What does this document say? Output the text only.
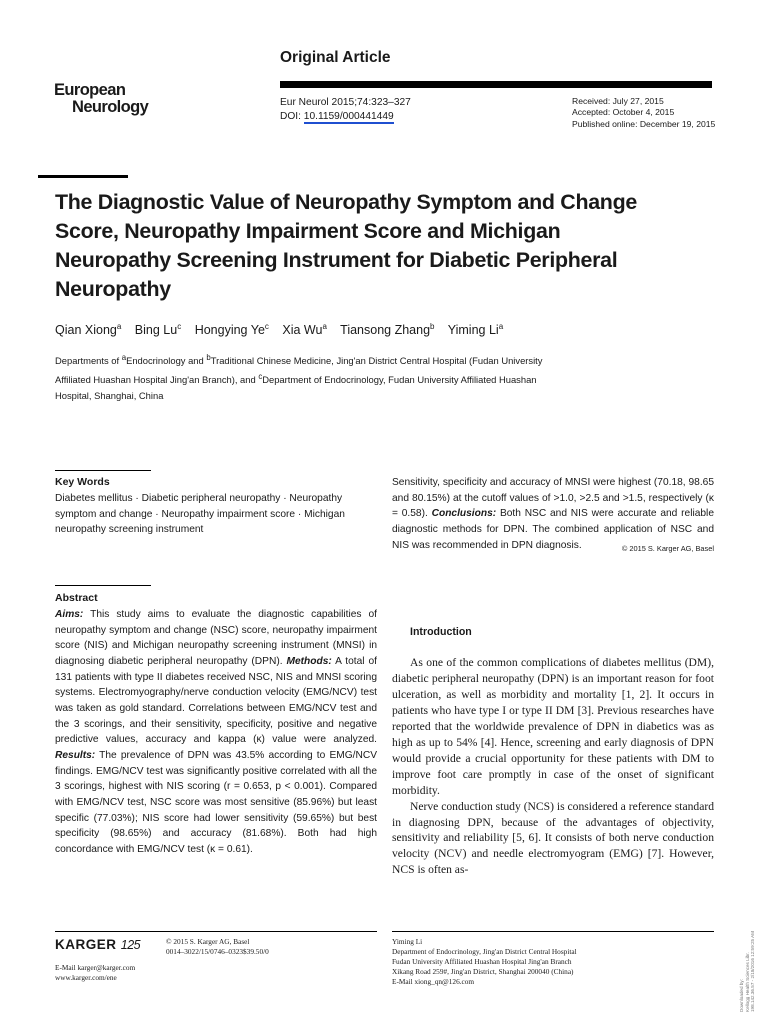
Original Article
European
Neurology	Eur Neurol 2015;74:323–327
DOI: 10.1159/000441449
Received: July 27, 2015
Accepted: October 4, 2015
Published online: December 19, 2015
The Diagnostic Value of Neuropathy Symptom and Change Score, Neuropathy Impairment Score and Michigan Neuropathy Screening Instrument for Diabetic Peripheral Neuropathy
Qian Xiong$^a$ Bing Lu$^c$ Hongying Ye$^c$ Xia Wu$^a$ Tiansong Zhang$^b$ Yiming Li$^a$
Departments of $^a$Endocrinology and $^b$Traditional Chinese Medicine, Jing'an District Central Hospital (Fudan University Affiliated Huashan Hospital Jing'an Branch), and $^c$Department of Endocrinology, Fudan University Affiliated Huashan Hospital, Shanghai, China
Key Words
Diabetes mellitus · Diabetic peripheral neuropathy · Neuropathy symptom and change · Neuropathy impairment score · Michigan neuropathy screening instrument
Abstract
Aims: This study aims to evaluate the diagnostic capabilities of neuropathy symptom and change (NSC) score, neuropathy impairment score (NIS) and Michigan neuropathy screening instrument (MNSI) in diagnosing diabetic peripheral neuropathy (DPN). Methods: A total of 131 patients with type II diabetes received NSC, NIS and MNSI scoring systems. Electromyography/nerve conduction velocity (EMG/NCV) test was taken as gold standard. Correlations between EMG/NCV test and the 3 scorings, and their sensitivity, specificity, positive and negative predictive values, accuracy and kappa (κ) value were analyzed. Results: The prevalence of DPN was 43.5% according to EMG/NCV findings. EMG/NCV test was significantly positive correlated with all the 3 scorings, highest with NIS scoring (r = 0.653, p < 0.001). Compared with EMG/NCV test, NSC score was most sensitive (85.96%) but least specific (77.03%); NIS score had lower sensitivity (59.65%) but best specificity (98.65%) and accuracy (81.68%). Both had high concordance with EMG/NCV test (κ = 0.61).
Sensitivity, specificity and accuracy of MNSI were highest (70.18, 98.65 and 80.15%) at the cutoff values of >1.0, >2.5 and >1.5, respectively (κ = 0.58). Conclusions: Both NSC and NIS were accurate and reliable diagnostic methods for DPN. The combined application of NSC and NIS was recommended in DPN diagnosis.	© 2015 S. Karger AG, Basel
Introduction

As one of the common complications of diabetes mellitus (DM), diabetic peripheral neuropathy (DPN) is an important reason for foot ulceration, as well as morbidity and mortality [1, 2]. It occurs in patients who have type I or type II DM [3]. Previous researches have reported that the worldwide prevalence of DPN in diabetics was as high as up to 54% [4]. Hence, screening and early diagnosis of DPN would provide a crucial opportunity for these patients with DM to improve foot care promptly in case of the onset of significant morbidity.

Nerve conduction study (NCS) is considered a reference standard in diagnosing DPN, because of the advantages of objectivity, sensitivity and reliability [5, 6]. It consists of both nerve conduction velocity (NCV) and needle electromyogram (EMG) [7]. However, NCS is often as-

KARGER 125	© 2015 S. Karger AG, Basel
0014–3022/15/0746–0323$39.50/0
E-Mail karger@karger.com
www.karger.com/ene
Yiming Li
Department of Endocrinology, Jing'an District Central Hospital
Fudan University Affiliated Huashan Hospital Jing'an Branch
Xikang Road 259#, Jing'an District, Shanghai 200040 (China)
E-Mail xiong_qn@126.com	Downloaded by: Kellogg Health Sciences Libr. 198.142.36.57 - 2/18/2016 12:59:25 AM
